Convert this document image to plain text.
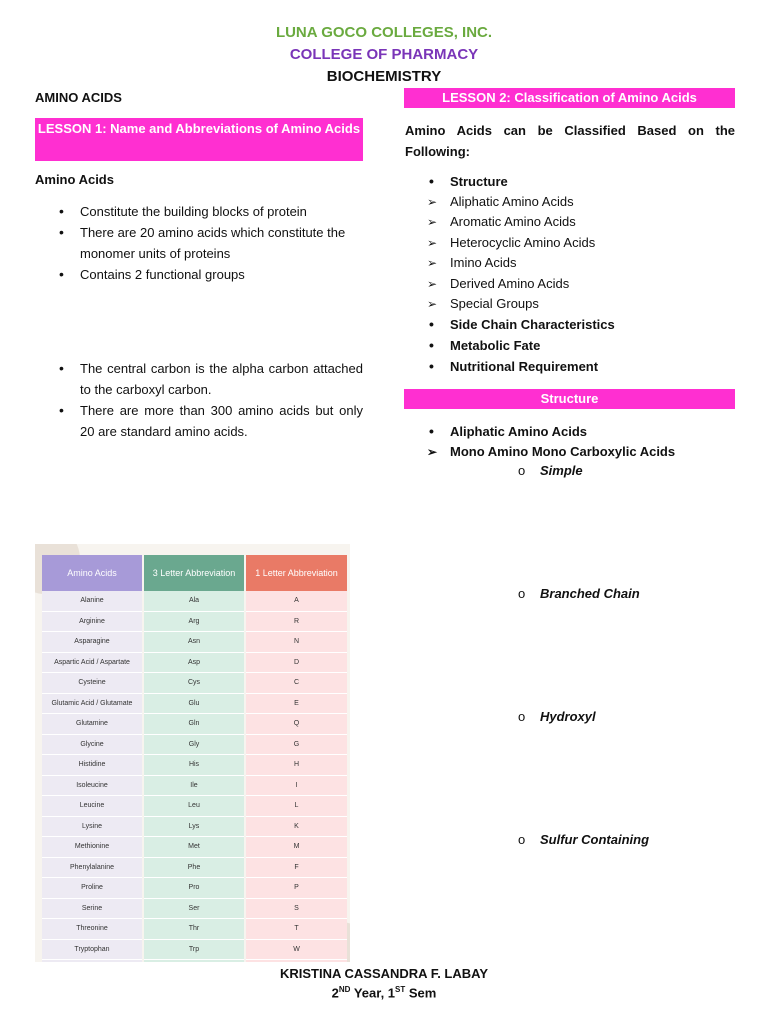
LUNA GOCO COLLEGES, INC.
COLLEGE OF PHARMACY
BIOCHEMISTRY
AMINO ACIDS
LESSON 1: Name and Abbreviations of Amino Acids
Amino Acids
• Constitute the building blocks of protein
• There are 20 amino acids which constitute the monomer units of proteins
• Contains 2 functional groups
• The central carbon is the alpha carbon attached to the carboxyl carbon.
• There are more than 300 amino acids but only 20 are standard amino acids.
Amino Acids	3 Letter Abbreviation	1 Letter Abbreviation
Alanine	Ala	A
Arginine	Arg	R
Asparagine	Asn	N
Aspartic Acid / Aspartate	Asp	D
Cysteine	Cys	C
Glutamic Acid / Glutamate	Glu	E
Glutamine	Gln	Q
Glycine	Gly	G
Histidine	His	H
Isoleucine	Ile	I
Leucine	Leu	L
Lysine	Lys	K
Methionine	Met	M
Phenylalanine	Phe	F
Proline	Pro	P
Serine	Ser	S
Threonine	Thr	T
Tryptophan	Trp	W

LESSON 2: Classification of Amino Acids
Amino Acids can be Classified Based on the Following:
• Structure
➢ Aliphatic Amino Acids
➢ Aromatic Amino Acids
➢ Heterocyclic Amino Acids
➢ Imino Acids
➢ Derived Amino Acids
➢ Special Groups
• Side Chain Characteristics
• Metabolic Fate
• Nutritional Requirement
Structure
• Aliphatic Amino Acids
➢ Mono Amino Mono Carboxylic Acids
o Simple
o Branched Chain
o Hydroxyl
o Sulfur Containing
KRISTINA CASSANDRA F. LABAY
2ND Year, 1ST Sem
